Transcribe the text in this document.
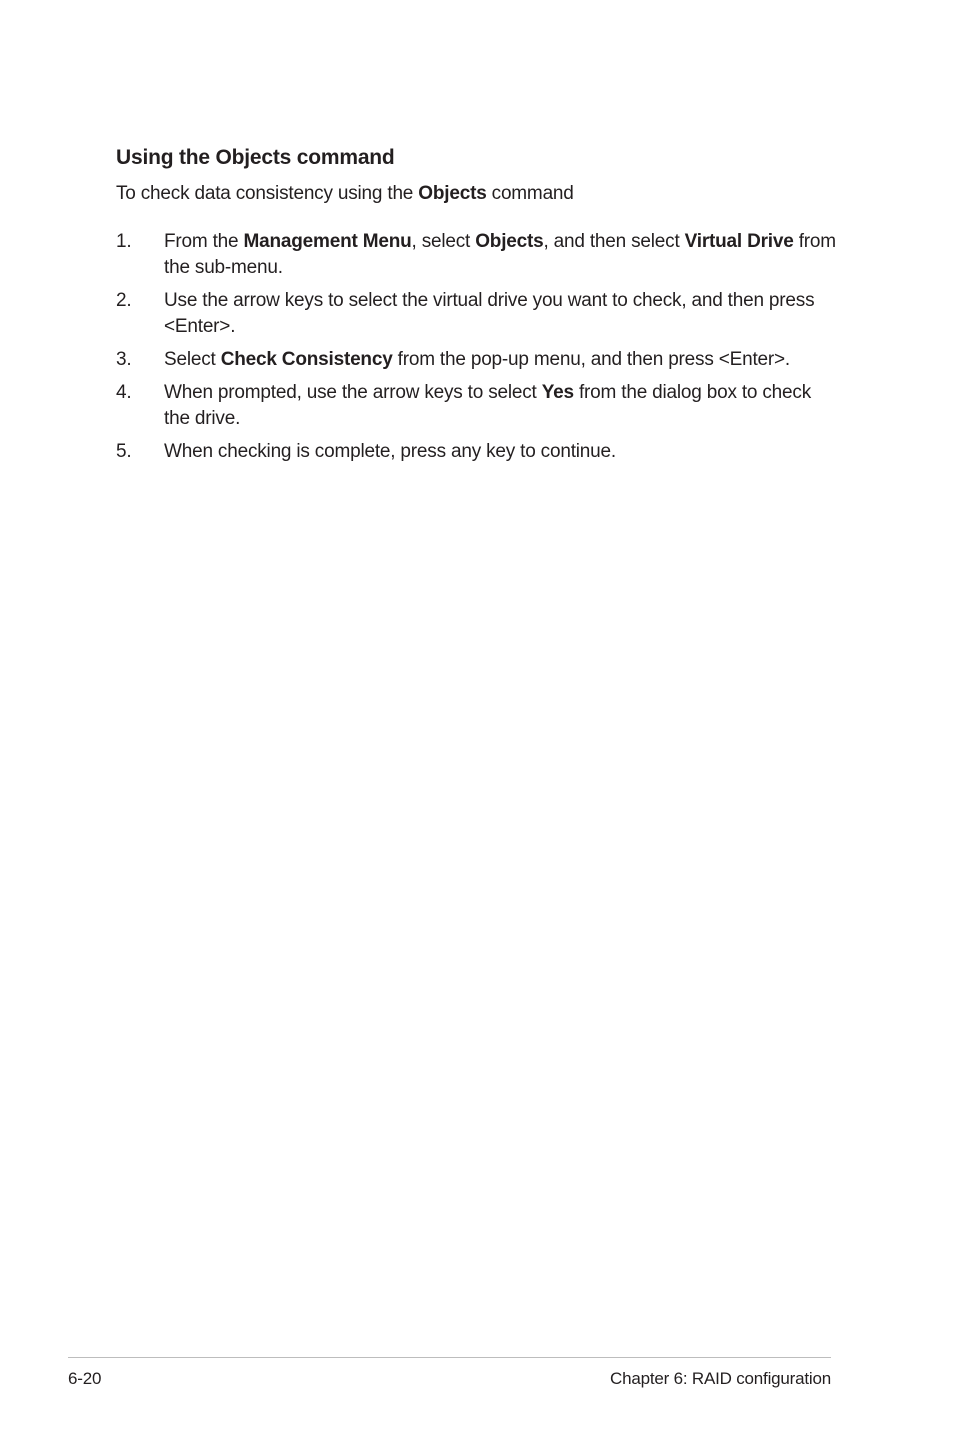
Using the Objects command

To check data consistency using the Objects command

1.	From the Management Menu, select Objects, and then select Virtual Drive from the sub-menu.
2.	Use the arrow keys to select the virtual drive you want to check, and then press <Enter>.
3.	Select Check Consistency from the pop-up menu, and then press <Enter>.
4.	When prompted, use the arrow keys to select Yes from the dialog box to check the drive.
5.	When checking is complete, press any key to continue.
6-20	Chapter 6: RAID configuration
